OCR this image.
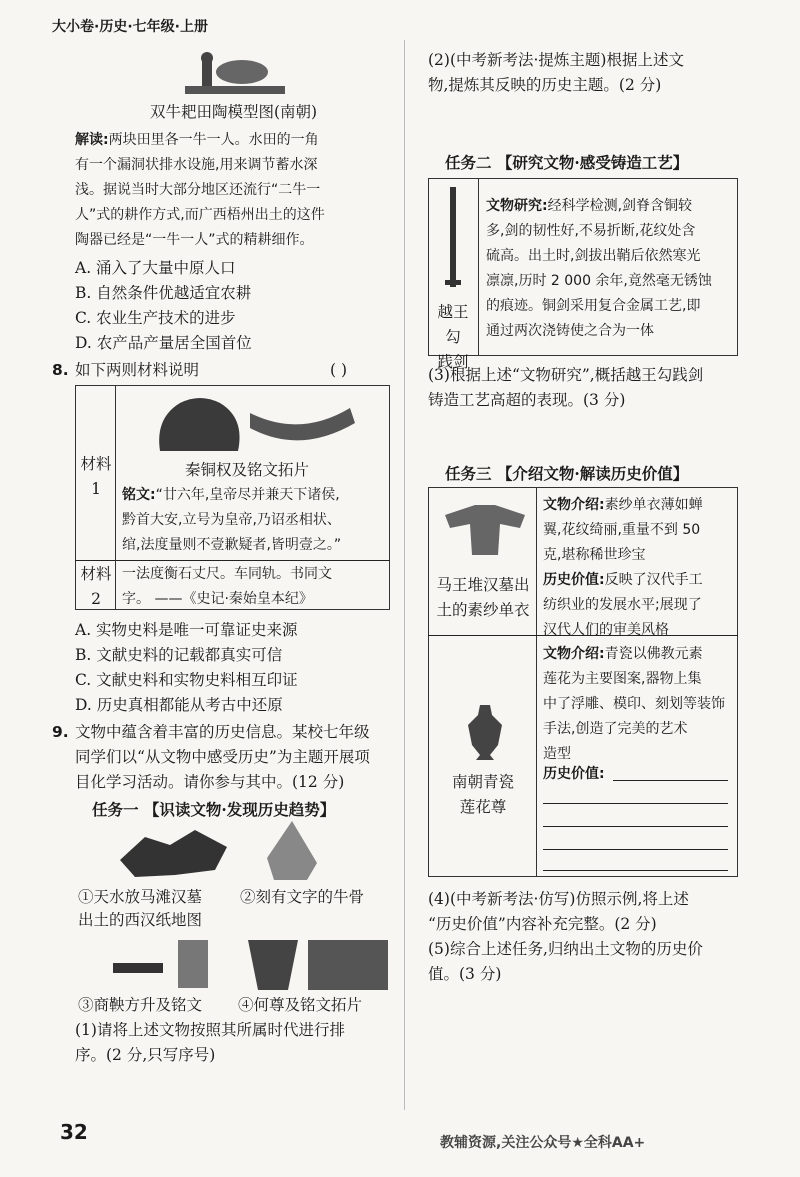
大小卷·历史·七年级·上册
双牛耙田陶模型图(南朝)
解读:两块田里各一牛一人。水田的一角
有一个漏洞状排水设施,用来调节蓄水深
浅。据说当时大部分地区还流行“二牛一
人”式的耕作方式,而广西梧州出土的这件
陶器已经是“一牛一人”式的精耕细作。
A. 涌入了大量中原人口
B. 自然条件优越适宜农耕
C. 农业生产技术的进步
D. 农产品产量居全国首位
8. 如下两则材料说明	( )
材料
1
秦铜权及铭文拓片
铭文:“廿六年,皇帝尽并兼天下诸侯,
黔首大安,立号为皇帝,乃诏丞相状、
绾,法度量则不壹歉疑者,皆明壹之。”
材料
2
一法度衡石丈尺。车同轨。书同文
字。 ——《史记·秦始皇本纪》
A. 实物史料是唯一可靠证史来源
B. 文献史料的记载都真实可信
C. 文献史料和实物史料相互印证
D. 历史真相都能从考古中还原
9. 文物中蕴含着丰富的历史信息。某校七年级
同学们以“从文物中感受历史”为主题开展项
目化学习活动。请你参与其中。(12 分)
任务一 【识读文物·发现历史趋势】
①天水放马滩汉墓 ②刻有文字的牛骨
出土的西汉纸地图
③商鞅方升及铭文 ④何尊及铭文拓片
(1)请将上述文物按照其所属时代进行排
序。(2 分,只写序号)
(2)(中考新考法·提炼主题)根据上述文
物,提炼其反映的历史主题。(2 分)
任务二 【研究文物·感受铸造工艺】
越王勾
践剑
文物研究:经科学检测,剑脊含铜较
多,剑的韧性好,不易折断,花纹处含
硫高。出土时,剑拔出鞘后依然寒光
凛凛,历时 2 000 余年,竟然毫无锈蚀
的痕迹。铜剑采用复合金属工艺,即
通过两次浇铸使之合为一体
(3)根据上述“文物研究”,概括越王勾践剑
铸造工艺高超的表现。(3 分)
任务三 【介绍文物·解读历史价值】
马王堆汉墓出
土的素纱单衣
文物介绍:素纱单衣薄如蝉
翼,花纹绮丽,重量不到 50
克,堪称稀世珍宝
历史价值:反映了汉代手工
纺织业的发展水平;展现了
汉代人们的审美风格
南朝青瓷
莲花尊
文物介绍:青瓷以佛教元素
莲花为主要图案,器物上集
中了浮雕、模印、刻划等装饰
手法,创造了完美的艺术
造型
历史价值:
(4)(中考新考法·仿写)仿照示例,将上述
“历史价值”内容补充完整。(2 分)
(5)综合上述任务,归纳出土文物的历史价
值。(3 分)
32	教辅资源,关注公众号★全科AA+
